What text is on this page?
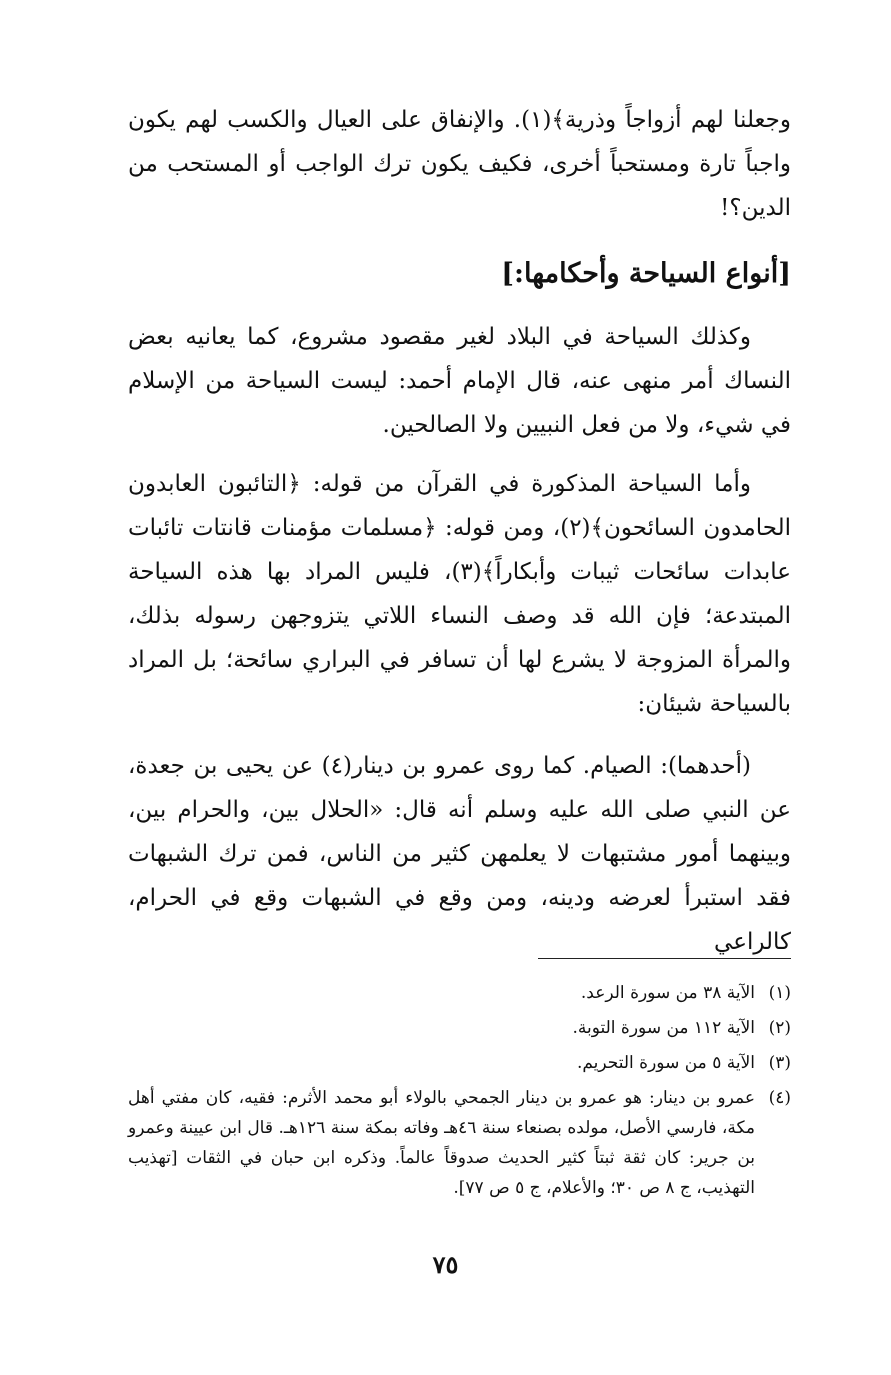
وجعلنا لهم أزواجاً وذرية﴾(١). والإنفاق على العيال والكسب لهم يكون واجباً تارة ومستحباً أخرى، فكيف يكون ترك الواجب أو المستحب من الدين؟!

[أنواع السياحة وأحكامها:]

وكذلك السياحة في البلاد لغير مقصود مشروع، كما يعانيه بعض النساك أمر منهى عنه، قال الإمام أحمد: ليست السياحة من الإسلام في شيء، ولا من فعل النبيين ولا الصالحين.

وأما السياحة المذكورة في القرآن من قوله: ﴿التائبون العابدون الحامدون السائحون﴾(٢)، ومن قوله: ﴿مسلمات مؤمنات قانتات تائبات عابدات سائحات ثيبات وأبكاراً﴾(٣)، فليس المراد بها هذه السياحة المبتدعة؛ فإن الله قد وصف النساء اللاتي يتزوجهن رسوله بذلك، والمرأة المزوجة لا يشرع لها أن تسافر في البراري سائحة؛ بل المراد بالسياحة شيئان:

(أحدهما): الصيام. كما روى عمرو بن دينار(٤) عن يحيى بن جعدة، عن النبي صلى الله عليه وسلم أنه قال: «الحلال بين، والحرام بين، وبينهما أمور مشتبهات لا يعلمهن كثير من الناس، فمن ترك الشبهات فقد استبرأ لعرضه ودينه، ومن وقع في الشبهات وقع في الحرام، كالراعي

(١)
الآية ٣٨ من سورة الرعد.
(٢)
الآية ١١٢ من سورة التوبة.
(٣)
الآية ٥ من سورة التحريم.
(٤)
عمرو بن دينار: هو عمرو بن دينار الجمحي بالولاء أبو محمد الأثرم: فقيه، كان مفتي أهل مكة، فارسي الأصل، مولده بصنعاء سنة ٤٦هـ وفاته بمكة سنة ١٢٦هـ. قال ابن عيينة وعمرو بن جرير: كان ثقة ثبتاً كثير الحديث صدوقاً عالماً. وذكره ابن حبان في الثقات [تهذيب التهذيب، ج ٨ ص ٣٠؛ والأعلام، ج ٥ ص ٧٧].
٧٥
